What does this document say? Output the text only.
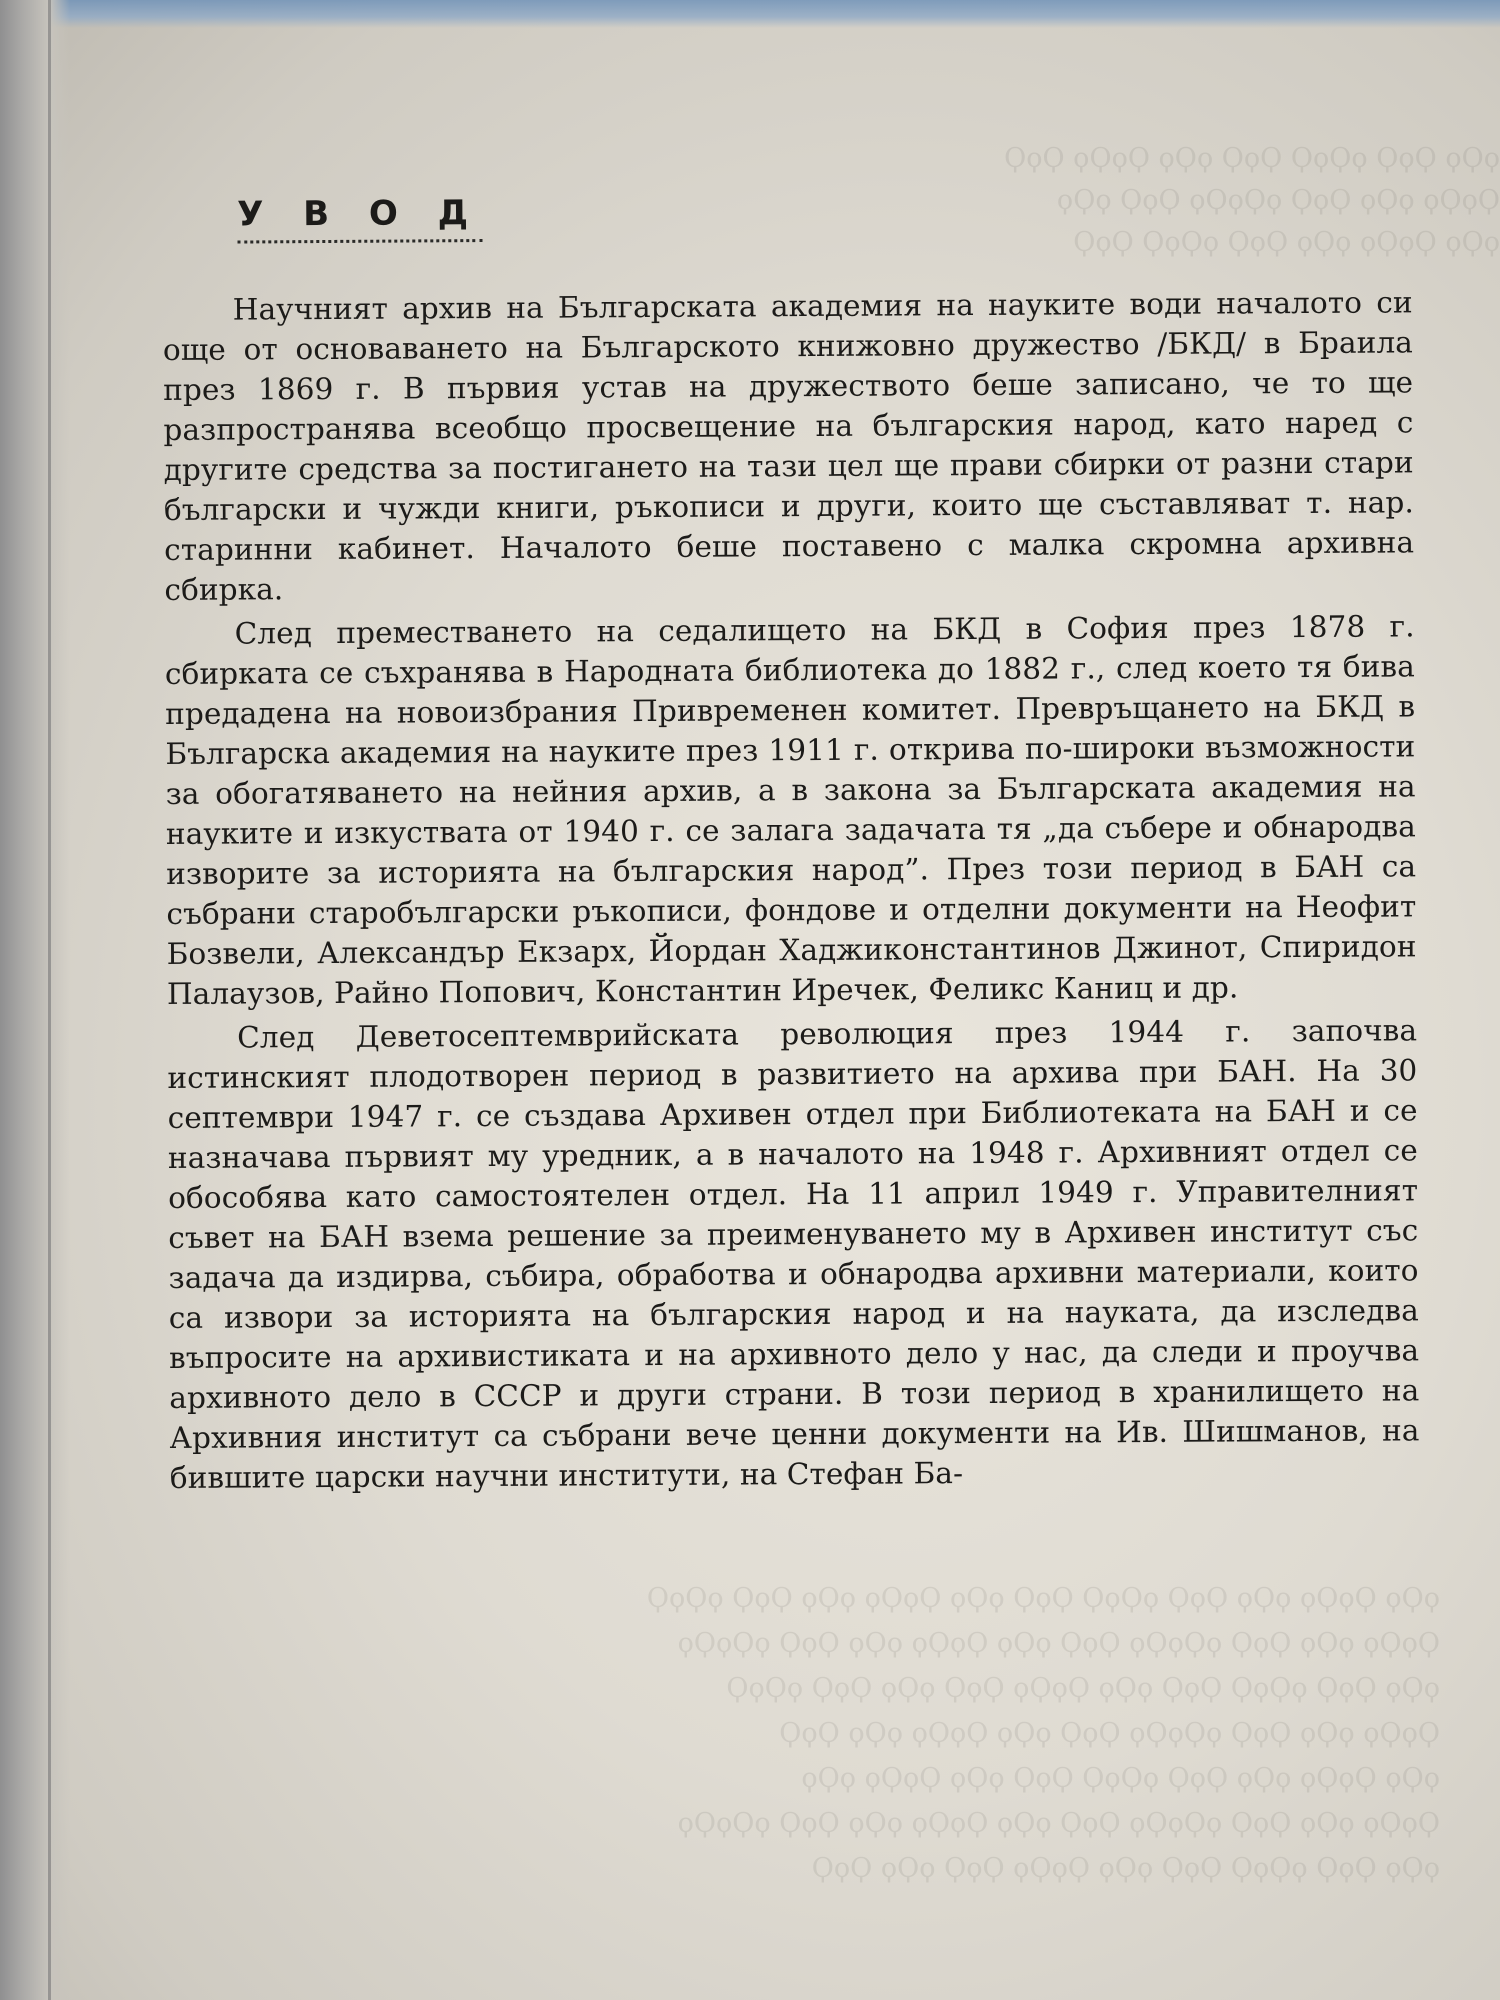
ϙϘϙ ϘϙϘ ϙϘϙϘ ϘϙϘ ϙϘϙ ϘϙϘϙ ϘϙϘ
ϘϙϘϙ ϙϘϙ ϘϙϘ ϙϘϙϘϙ ϘϙϘ ϙϘϙ
ϙϘϙ ϘϙϘϙ ϙϘϙ ϘϙϘ ϙϘϙϘ ϘϙϘ
ϙϘϙ ϘϙϘϙ ϙϘϙ ϘϙϘ ϙϘϙϘ ϘϙϘ ϙϘϙ ϘϙϘϙ ϙϘϙ ϘϙϘ ϙϘϙϘ
ϘϙϘϙ ϙϘϙ ϘϙϘ ϙϘϙϘϙ ϘϙϘ ϙϘϙ ϘϙϘϙ ϙϘϙ ϘϙϘ ϙϘϙϘϙ
ϙϘϙ ϘϙϘ ϙϘϙϘ ϘϙϘ ϙϘϙ ϘϙϘϙ ϘϙϘ ϙϘϙ ϘϙϘ ϙϘϙϘ
ϘϙϘϙ ϙϘϙ ϘϙϘ ϙϘϙϘϙ ϘϙϘ ϙϘϙ ϘϙϘϙ ϙϘϙ ϘϙϘ
ϙϘϙ ϘϙϘϙ ϙϘϙ ϘϙϘ ϙϘϙϘ ϘϙϘ ϙϘϙ ϘϙϘϙ ϙϘϙ
ϘϙϘϙ ϙϘϙ ϘϙϘ ϙϘϙϘϙ ϘϙϘ ϙϘϙ ϘϙϘϙ ϙϘϙ ϘϙϘ ϙϘϙϘϙ
ϙϘϙ ϘϙϘ ϙϘϙϘ ϘϙϘ ϙϘϙ ϘϙϘϙ ϘϙϘ ϙϘϙ ϘϙϘ
У В О Д

Научният архив на Българската академия на науките води началото си още от основаването на Българското книжовно дружество /БКД/ в Браила през 1869 г. В първия устав на дружеството беше записано, че то ще разпространява всеобщо просвещение на българския народ, като наред с другите средства за постигането на тази цел ще прави сбирки от разни стари български и чужди книги, ръкописи и други, които ще съставляват т. нар. старинни кабинет. Началото беше поставено с малка скромна архивна сбирка.

След преместването на седалището на БКД в София през 1878 г. сбирката се съхранява в Народната библиотека до 1882 г., след което тя бива предадена на новоизбрания Привременен комитет. Превръщането на БКД в Българска академия на науките през 1911 г. открива по-широки възможности за обогатяването на нейния архив, а в закона за Българската академия на науките и изкуствата от 1940 г. се залага задачата тя „да събере и обнародва изворите за историята на българския народ”. През този период в БАН са събрани старобългарски ръкописи, фондове и отделни документи на Неофит Бозвели, Александър Екзарх, Йордан Хаджиконстантинов Джинот, Спиридон Палаузов, Райно Попович, Константин Иречек, Феликс Каниц и др.

След Деветосептемврийската революция през 1944 г. започва истинският плодотворен период в развитието на архива при БАН. На 30 септември 1947 г. се създава Архивен отдел при Библиотеката на БАН и се назначава първият му уредник, а в началото на 1948 г. Архивният отдел се обособява като самостоятелен отдел. На 11 април 1949 г. Управителният съвет на БАН взема решение за преименуването му в Архивен институт със задача да издирва, събира, обработва и обнародва архивни материали, които са извори за историята на българския народ и на науката, да изследва въпросите на архивистиката и на архивното дело у нас, да следи и проучва архивното дело в СССР и други страни. В този период в хранилището на Архивния институт са събрани вече ценни документи на Ив. Шишманов, на бившите царски научни институти, на Стефан Ба-
